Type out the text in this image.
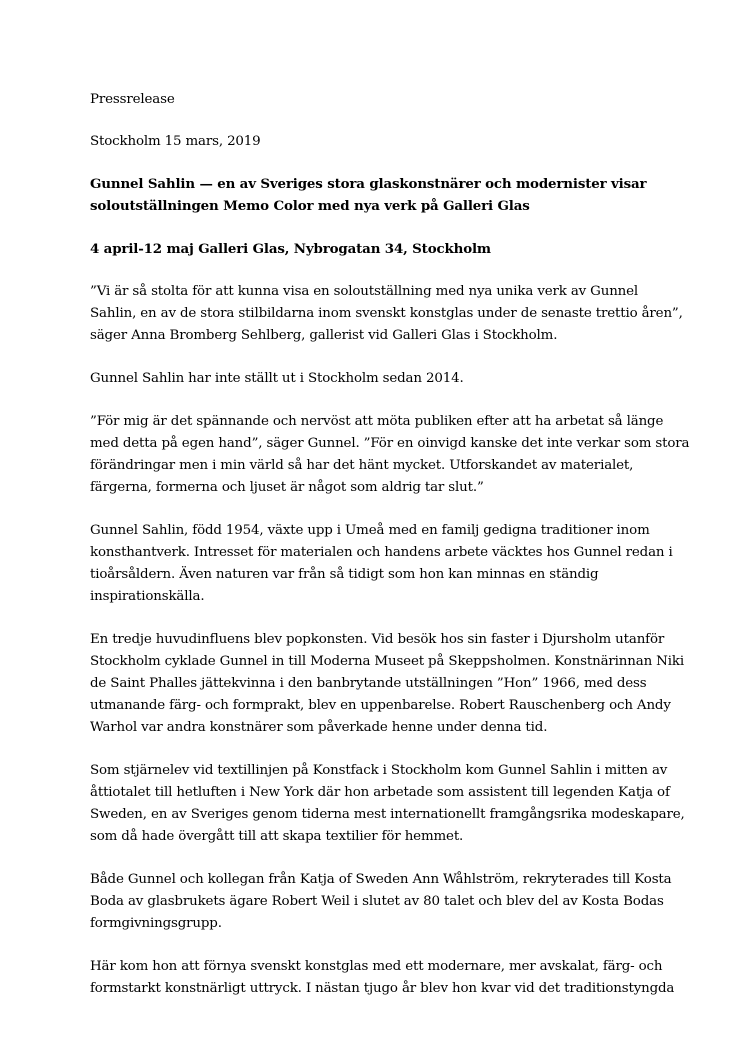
Pressrelease

Stockholm 15 mars, 2019

Gunnel Sahlin — en av Sveriges stora glaskonstnärer och modernister visar
soloutställningen Memo Color med nya verk på Galleri Glas

4 april-12 maj Galleri Glas, Nybrogatan 34, Stockholm

”Vi är så stolta för att kunna visa en soloutställning med nya unika verk av Gunnel
Sahlin, en av de stora stilbildarna inom svenskt konstglas under de senaste trettio åren”,
säger Anna Bromberg Sehlberg, gallerist vid Galleri Glas i Stockholm.

Gunnel Sahlin har inte ställt ut i Stockholm sedan 2014.

”För mig är det spännande och nervöst att möta publiken efter att ha arbetat så länge
med detta på egen hand”, säger Gunnel. ”För en oinvigd kanske det inte verkar som stora
förändringar men i min värld så har det hänt mycket. Utforskandet av materialet,
färgerna, formerna och ljuset är något som aldrig tar slut.”

Gunnel Sahlin, född 1954, växte upp i Umeå med en familj gedigna traditioner inom
konsthantverk. Intresset för materialen och handens arbete väcktes hos Gunnel redan i
tioårsåldern. Även naturen var från så tidigt som hon kan minnas en ständig
inspirationskälla.

En tredje huvudinfluens blev popkonsten. Vid besök hos sin faster i Djursholm utanför
Stockholm cyklade Gunnel in till Moderna Museet på Skeppsholmen. Konstnärinnan Niki
de Saint Phalles jättekvinna i den banbrytande utställningen ”Hon” 1966, med dess
utmanande färg- och formprakt, blev en uppenbarelse. Robert Rauschenberg och Andy
Warhol var andra konstnärer som påverkade henne under denna tid.

Som stjärnelev vid textillinjen på Konstfack i Stockholm kom Gunnel Sahlin i mitten av
åttiotalet till hetluften i New York där hon arbetade som assistent till legenden Katja of
Sweden, en av Sveriges genom tiderna mest internationellt framgångsrika modeskapare,
som då hade övergått till att skapa textilier för hemmet.

Både Gunnel och kollegan från Katja of Sweden Ann Wåhlström, rekryterades till Kosta
Boda av glasbrukets ägare Robert Weil i slutet av 80 talet och blev del av Kosta Bodas
formgivningsgrupp.

Här kom hon att förnya svenskt konstglas med ett modernare, mer avskalat, färg- och
formstarkt konstnärligt uttryck. I nästan tjugo år blev hon kvar vid det traditionstyngda
